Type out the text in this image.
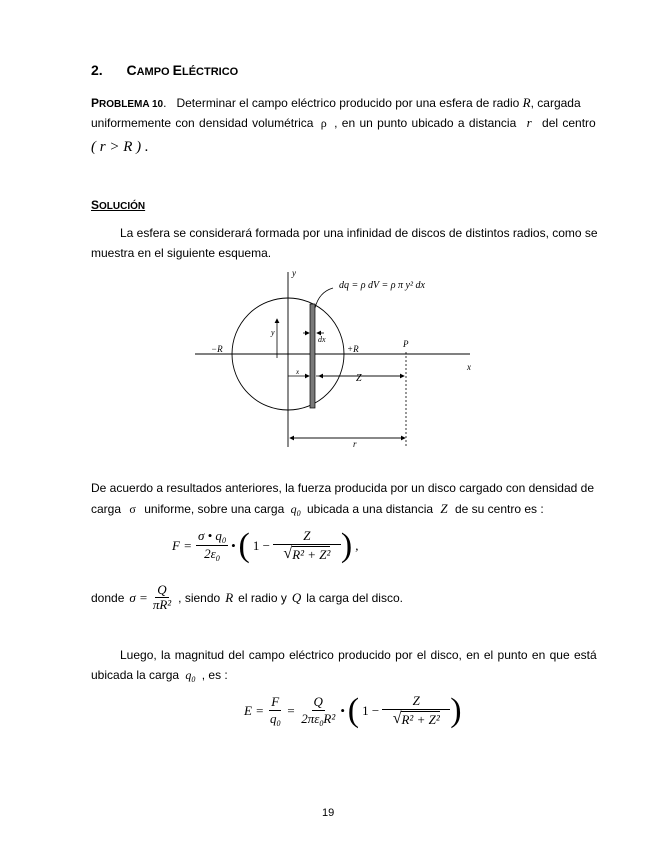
2. CAMPO ELÉCTRICO
PROBLEMA 10.   Determinar el campo eléctrico producido por una esfera de radio R, cargada
uniformemente con densidad volumétrica ρ , en un punto ubicado a distancia r del centro
( r > R ) .
SOLUCIÓN
La esfera se considerará formada por una infinidad de discos de distintos radios, como se
muestra en el siguiente esquema.
y
x
dq = ρ dV = ρ π y² dx
y
dx
−R	+R	P
x
Z
r
De acuerdo a resultados anteriores, la fuerza producida por un disco cargado con densidad de
carga σ uniforme, sobre una carga $q_0$ ubicada a una distancia Z de su centro es :
$F = \frac{\sigma • q_0}{2\varepsilon_0}$ • ( $1 - \frac{Z}{\text{√ R² + Z²}}$ ) ,
donde $\sigma = \frac{Q}{\text{πR²}}$ , siendo R el radio y Q la carga del disco.
Luego, la magnitud del campo eléctrico producido por el disco, en el punto en que está
ubicada la carga $q_0$ , es :
$E = \frac{F}{q_0} = \frac{Q}{2\pi\varepsilon_0R^2}$ • ( $1 - \frac{Z}{\text{√ R² + Z²}}$ )
19
